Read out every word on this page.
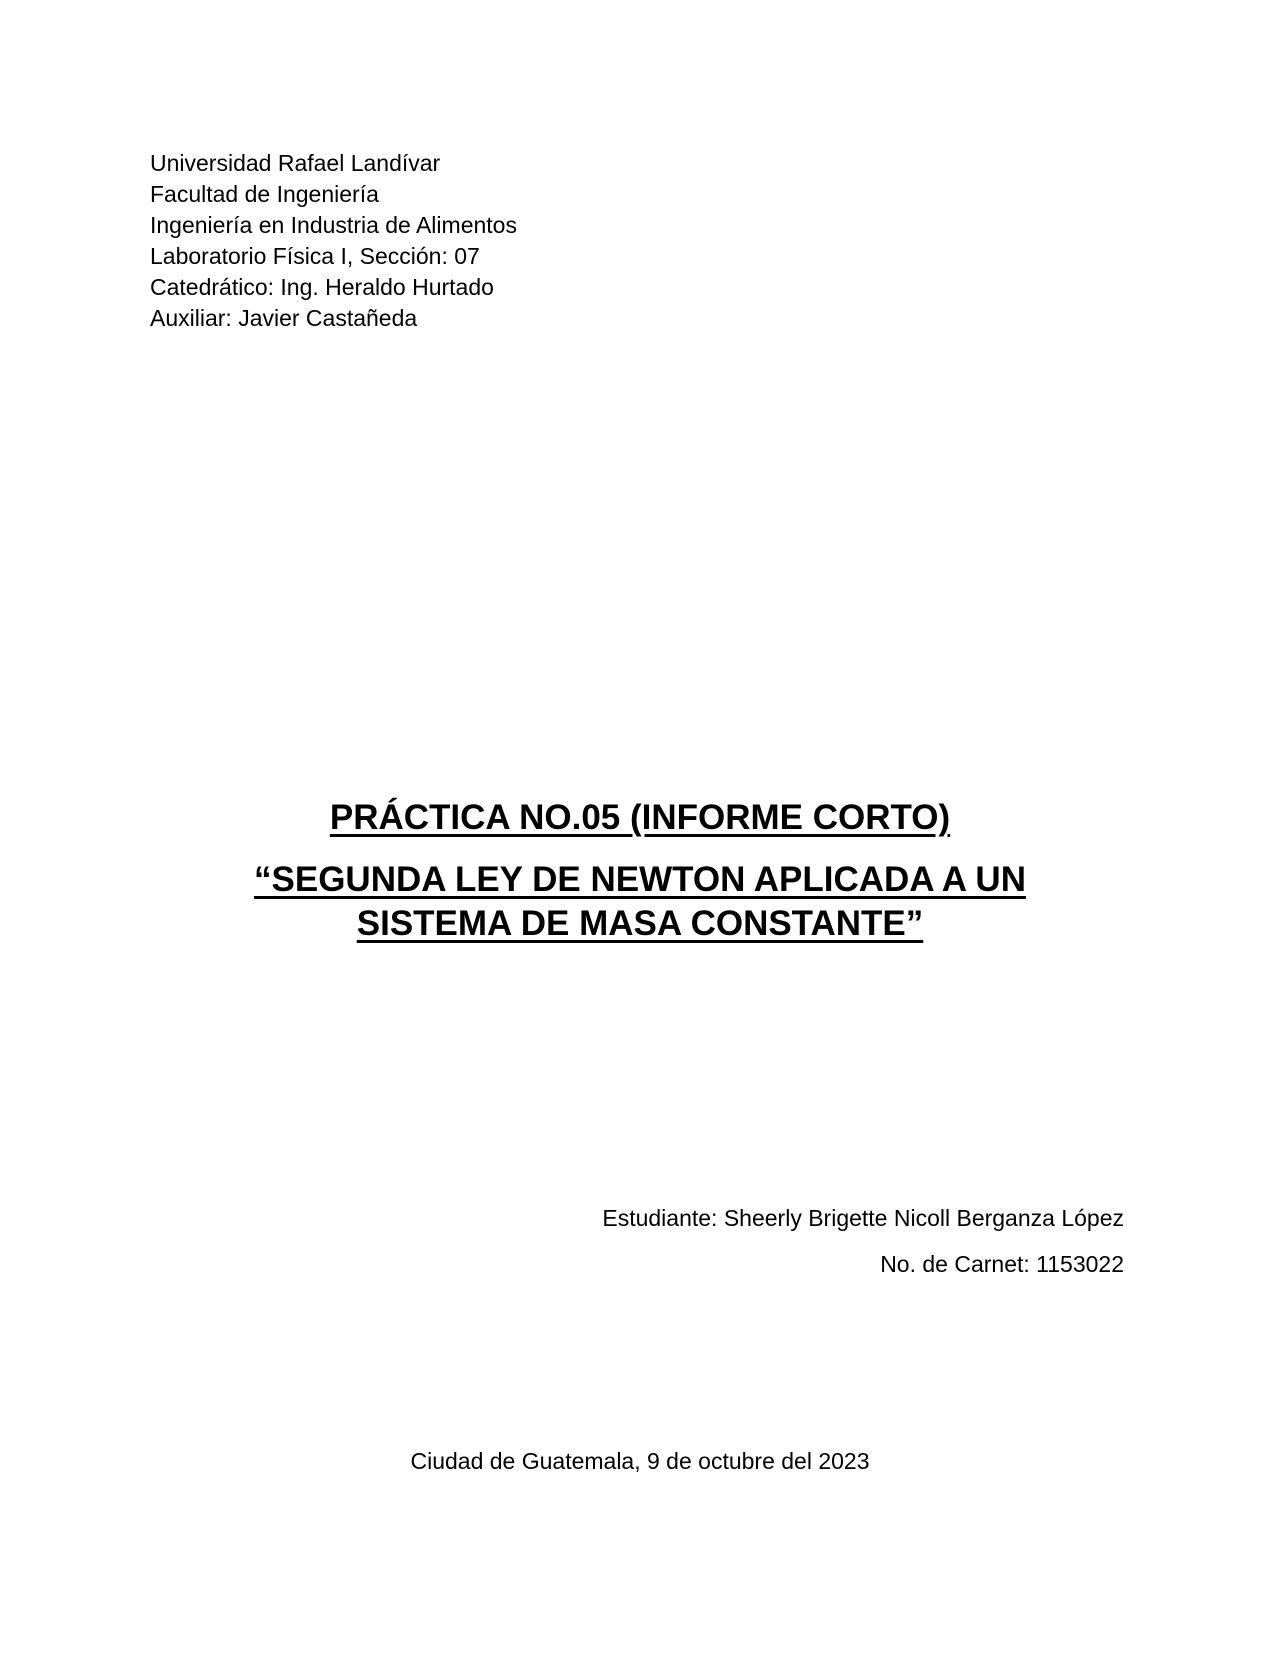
Universidad Rafael Landívar
Facultad de Ingeniería
Ingeniería en Industria de Alimentos
Laboratorio Física I, Sección: 07
Catedrático: Ing. Heraldo Hurtado
Auxiliar: Javier Castañeda
PRÁCTICA NO.05 (INFORME CORTO)
“SEGUNDA LEY DE NEWTON APLICADA A UN
SISTEMA DE MASA CONSTANTE”
Estudiante: Sheerly Brigette Nicoll Berganza López
No. de Carnet: 1153022
Ciudad de Guatemala, 9 de octubre del 2023
